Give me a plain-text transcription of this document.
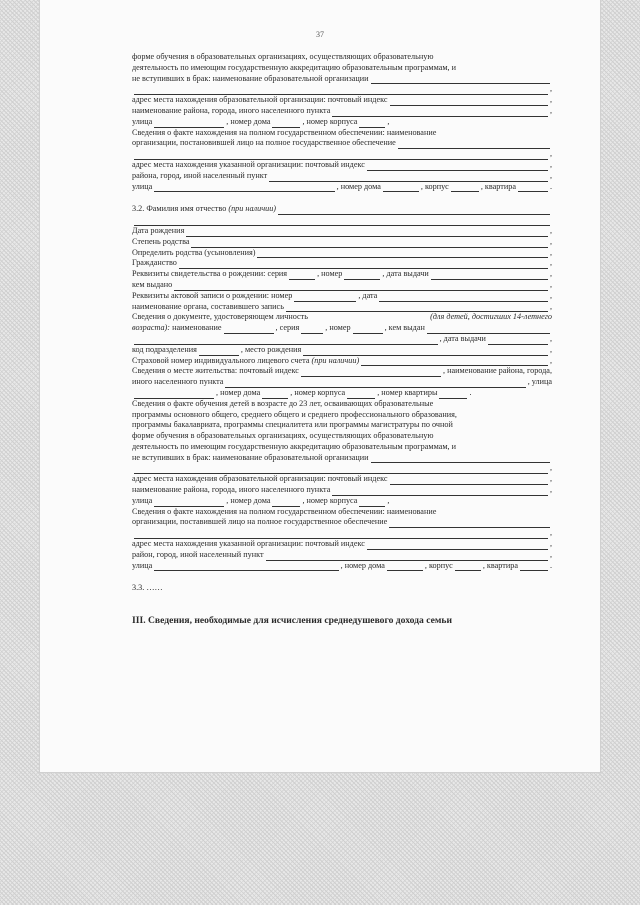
37
форме обучения в образовательных организациях, осуществляющих образовательную
деятельность по имеющим государственную аккредитацию образовательным программам, и
не вступивших в брак: наименование образовательной организации
,
адрес места нахождения образовательной организации: почтовый индекс	,
наименование района, города, иного населенного пункта	,
улица	, номер дома	, номер корпуса	,
Сведения о факте нахождения на полном государственном обеспечении: наименование
организации, постановившей лицо на полное государственное обеспечение
,
адрес места нахождения указанной организации: почтовый индекс	,
района, город, иной населенный пункт	,
улица	, номер дома	, корпус	, квартира	.
3.2. Фамилия имя отчество
(при наличии)
Дата рождения	,
Степень родства	,
Определить родства (усыновления)	,
Гражданство	,
Реквизиты свидетельства о рождении: серия	, номер	, дата выдачи	,
кем выдано	,
Реквизиты актовой записи о рождении: номер	, дата	,
наименование органа, составившего запись	,
Сведения о документе, удостоверяющем личность	(для детей, достигших 14-летнего
возраста):
наименование	, серия	, номер	, кем выдан
, дата выдачи	,
код подразделения	, место рождения	,
Страховой номер индивидуального лицевого счета
(при наличии)	,
Сведения о месте жительства: почтовый индекс	, наименование района, города,
иного населенного пункта	, улица
, номер дома	, номер корпуса	, номер квартиры	.
Сведения о факте обучения детей в возрасте до 23 лет, осваивающих образовательные
программы основного общего, среднего общего и среднего профессионального образования,
программы бакалавриата, программы специалитета или программы магистратуры по очной
форме обучения в образовательных организациях, осуществляющих образовательную
деятельность по имеющим государственную аккредитацию образовательным программам, и
не вступивших в брак: наименование образовательной организации
,
адрес места нахождения образовательной организации: почтовый индекс	,
наименование района, города, иного населенного пункта	,
улица	, номер дома	, номер корпуса	,
Сведения о факте нахождения на полном государственном обеспечении: наименование
организации, поставившей лицо на полное государственное обеспечение
,
адрес места нахождения указанной организации: почтовый индекс	,
район, город, иной населенный пункт	,
улица	, номер дома	, корпус	, квартира	.
3.3. ……
III. Сведения, необходимые для исчисления среднедушевого дохода семьи
